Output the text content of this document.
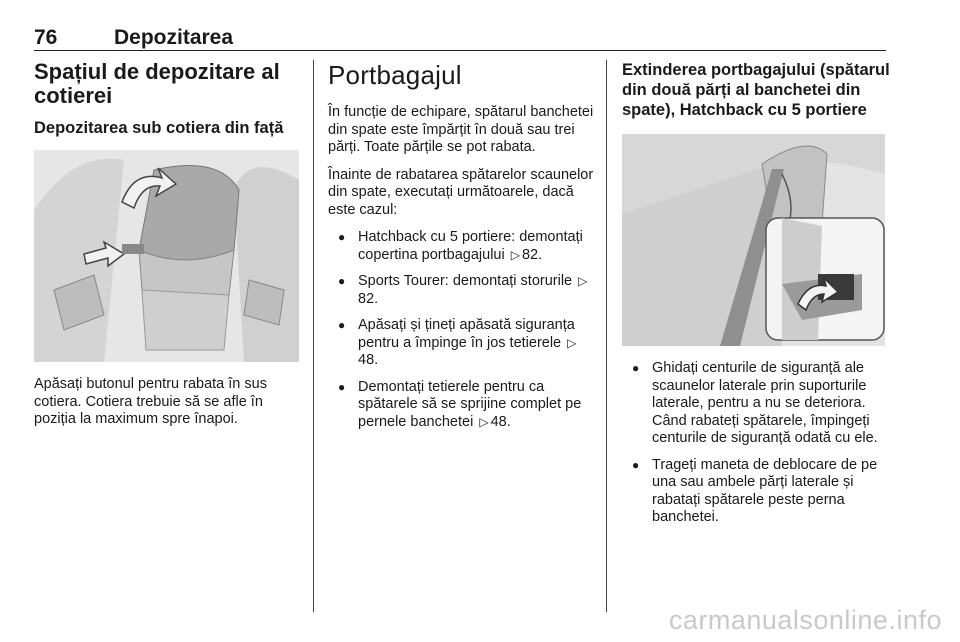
76	Depozitarea
Spațiul de depozitare al cotierei
Depozitarea sub cotiera din față

Apăsați butonul pentru rabata în sus cotiera. Cotiera trebuie să se afle în poziția la maximum spre înapoi.

Portbagajul

În funcție de echipare, spătarul banchetei din spate este împărțit în două sau trei părți. Toate părțile se pot rabata.

Înainte de rabatarea spătarelor scaunelor din spate, executați următoarele, dacă este cazul:

● Hatchback cu 5 portiere: demontați copertina portbagajului ▷ 82.
● Sports Tourer: demontați storurile ▷82.
● Apăsați și țineți apăsată siguranța pentru a împinge în jos tetierele ▷48.
● Demontați tetierele pentru ca spătarele să se sprijine complet pe pernele banchetei ▷ 48.
Extinderea portbagajului (spătarul din două părți al banchetei din spate), Hatchback cu 5 portiere
● Ghidați centurile de siguranță ale scaunelor laterale prin suporturile laterale, pentru a nu se deteriora. Când rabateți spătarele, împingeți centurile de siguranță odată cu ele.
● Trageți maneta de deblocare de pe una sau ambele părți laterale și rabatați spătarele peste perna banchetei.
carmanualsonline.info
